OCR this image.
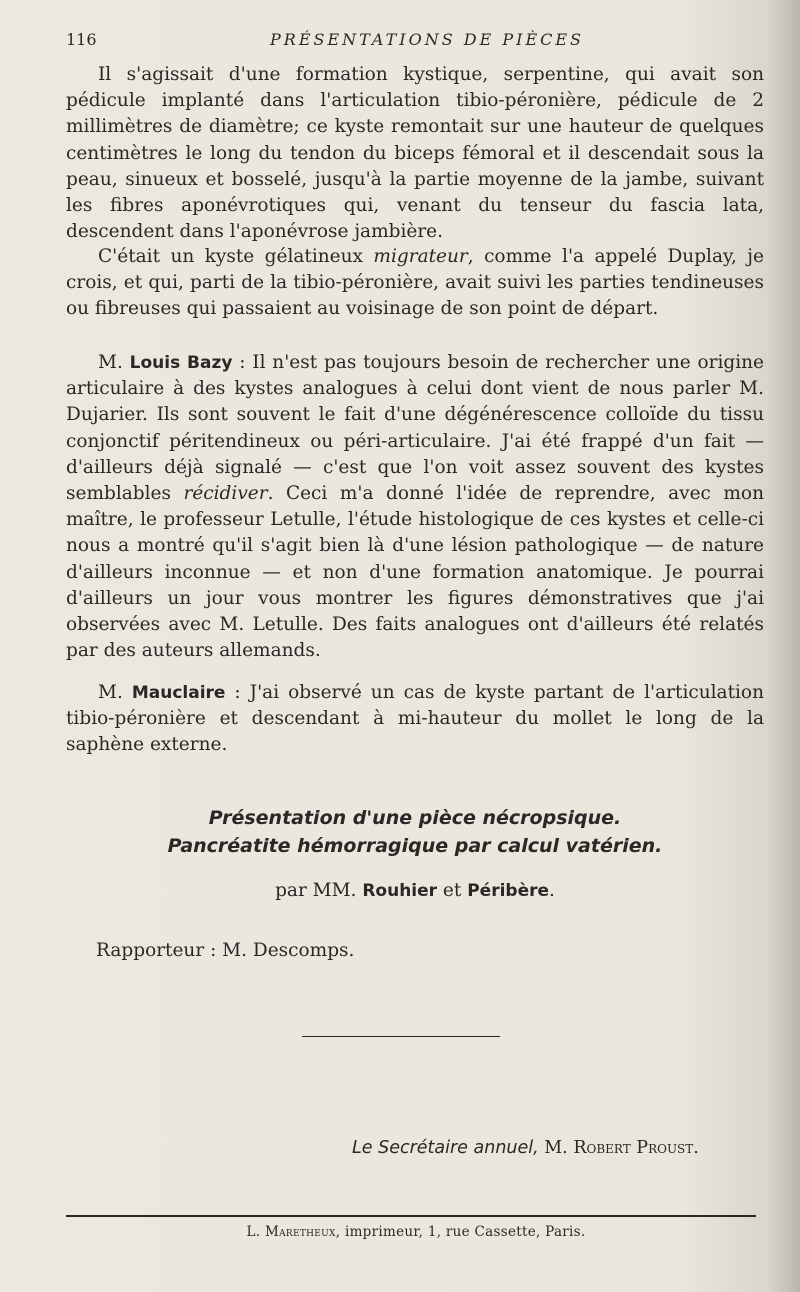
116	PRÉSENTATIONS DE PIÈCES

Il s'agissait d'une formation kystique, serpentine, qui avait son pédicule implanté dans l'articulation tibio-péronière, pédicule de 2 millimètres de diamètre; ce kyste remontait sur une hauteur de quelques centimètres le long du tendon du biceps fémoral et il descendait sous la peau, sinueux et bosselé, jusqu'à la partie moyenne de la jambe, suivant les fibres aponévrotiques qui, venant du tenseur du fascia lata, descendent dans l'aponévrose jambière.

C'était un kyste gélatineux migrateur, comme l'a appelé Duplay, je crois, et qui, parti de la tibio-péronière, avait suivi les parties tendineuses ou fibreuses qui passaient au voisinage de son point de départ.

M. Louis Bazy : Il n'est pas toujours besoin de rechercher une origine articulaire à des kystes analogues à celui dont vient de nous parler M. Dujarier. Ils sont souvent le fait d'une dégénérescence colloïde du tissu conjonctif péritendineux ou péri-articulaire. J'ai été frappé d'un fait — d'ailleurs déjà signalé — c'est que l'on voit assez souvent des kystes semblables récidiver. Ceci m'a donné l'idée de reprendre, avec mon maître, le professeur Letulle, l'étude histologique de ces kystes et celle-ci nous a montré qu'il s'agit bien là d'une lésion pathologique — de nature d'ailleurs inconnue — et non d'une formation anatomique. Je pourrai d'ailleurs un jour vous montrer les figures démonstratives que j'ai observées avec M. Letulle. Des faits analogues ont d'ailleurs été relatés par des auteurs allemands.

M. Mauclaire : J'ai observé un cas de kyste partant de l'articulation tibio-péronière et descendant à mi-hauteur du mollet le long de la saphène externe.

Présentation d'une pièce nécropsique.
Pancréatite hémorragique par calcul vatérien.
par MM. Rouhier et Péribère.
Rapporteur : M. Descomps.
Le Secrétaire annuel, M. Robert Proust.
L. Maretheux, imprimeur, 1, rue Cassette, Paris.
